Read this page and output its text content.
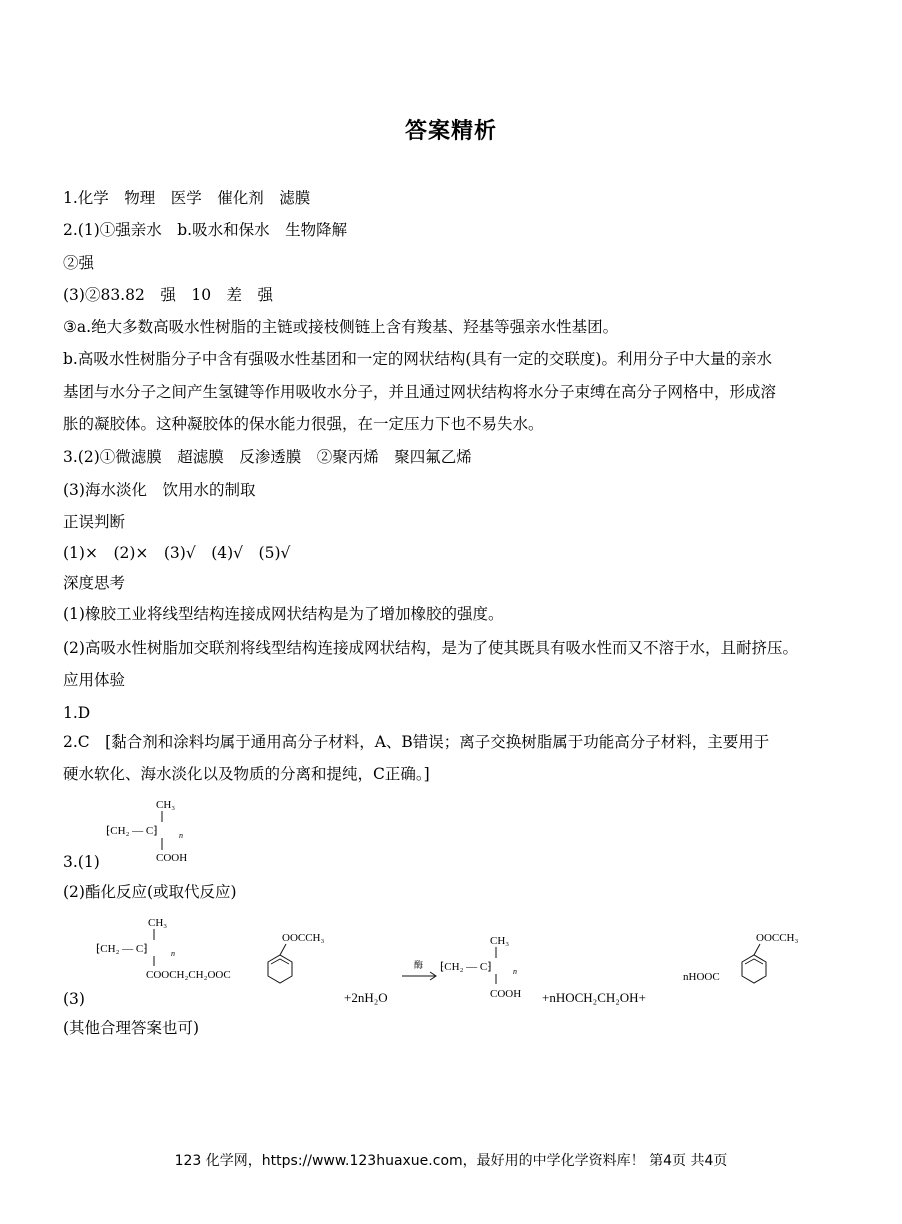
答案精析
1.化学　物理　医学　催化剂　滤膜
2.(1)①强亲水　b.吸水和保水　生物降解
②强
(3)②83.82　强　10　差　强
③a.绝大多数高吸水性树脂的主链或接枝侧链上含有羧基、羟基等强亲水性基团。
b.高吸水性树脂分子中含有强吸水性基团和一定的网状结构(具有一定的交联度)。利用分子中大量的亲水
基团与水分子之间产生氢键等作用吸收水分子，并且通过网状结构将水分子束缚在高分子网格中，形成溶
胀的凝胶体。这种凝胶体的保水能力很强，在一定压力下也不易失水。
3.(2)①微滤膜　超滤膜　反渗透膜　②聚丙烯　聚四氟乙烯
(3)海水淡化　饮用水的制取
正误判断
(1)×　(2)×　(3)√　(4)√　(5)√
深度思考
(1)橡胶工业将线型结构连接成网状结构是为了增加橡胶的强度。
(2)高吸水性树脂加交联剂将线型结构连接成网状结构，是为了使其既具有吸水性而又不溶于水，且耐挤压。
应用体验
1.D
2.C　[黏合剂和涂料均属于通用高分子材料，A、B错误；离子交换树脂属于功能高分子材料，主要用于
硬水软化、海水淡化以及物质的分离和提纯，C正确。]
3.(1)
(2)酯化反应(或取代反应)
(3)
(其他合理答案也可)
CH₃
⁅CH₂ — C⁆	n
COOH
CH₃
⁅CH₂ — C⁆	n
COOCH₂CH₂OOC
OOCCH₃
+2nH₂O
酶
CH₃
⁅CH₂ — C⁆	n
COOH +nHOCH₂CH₂OH+
nHOOC
OOCCH₃
123 化学网，https://www.123huaxue.com，最好用的中学化学资料库！ 第4页 共4页
